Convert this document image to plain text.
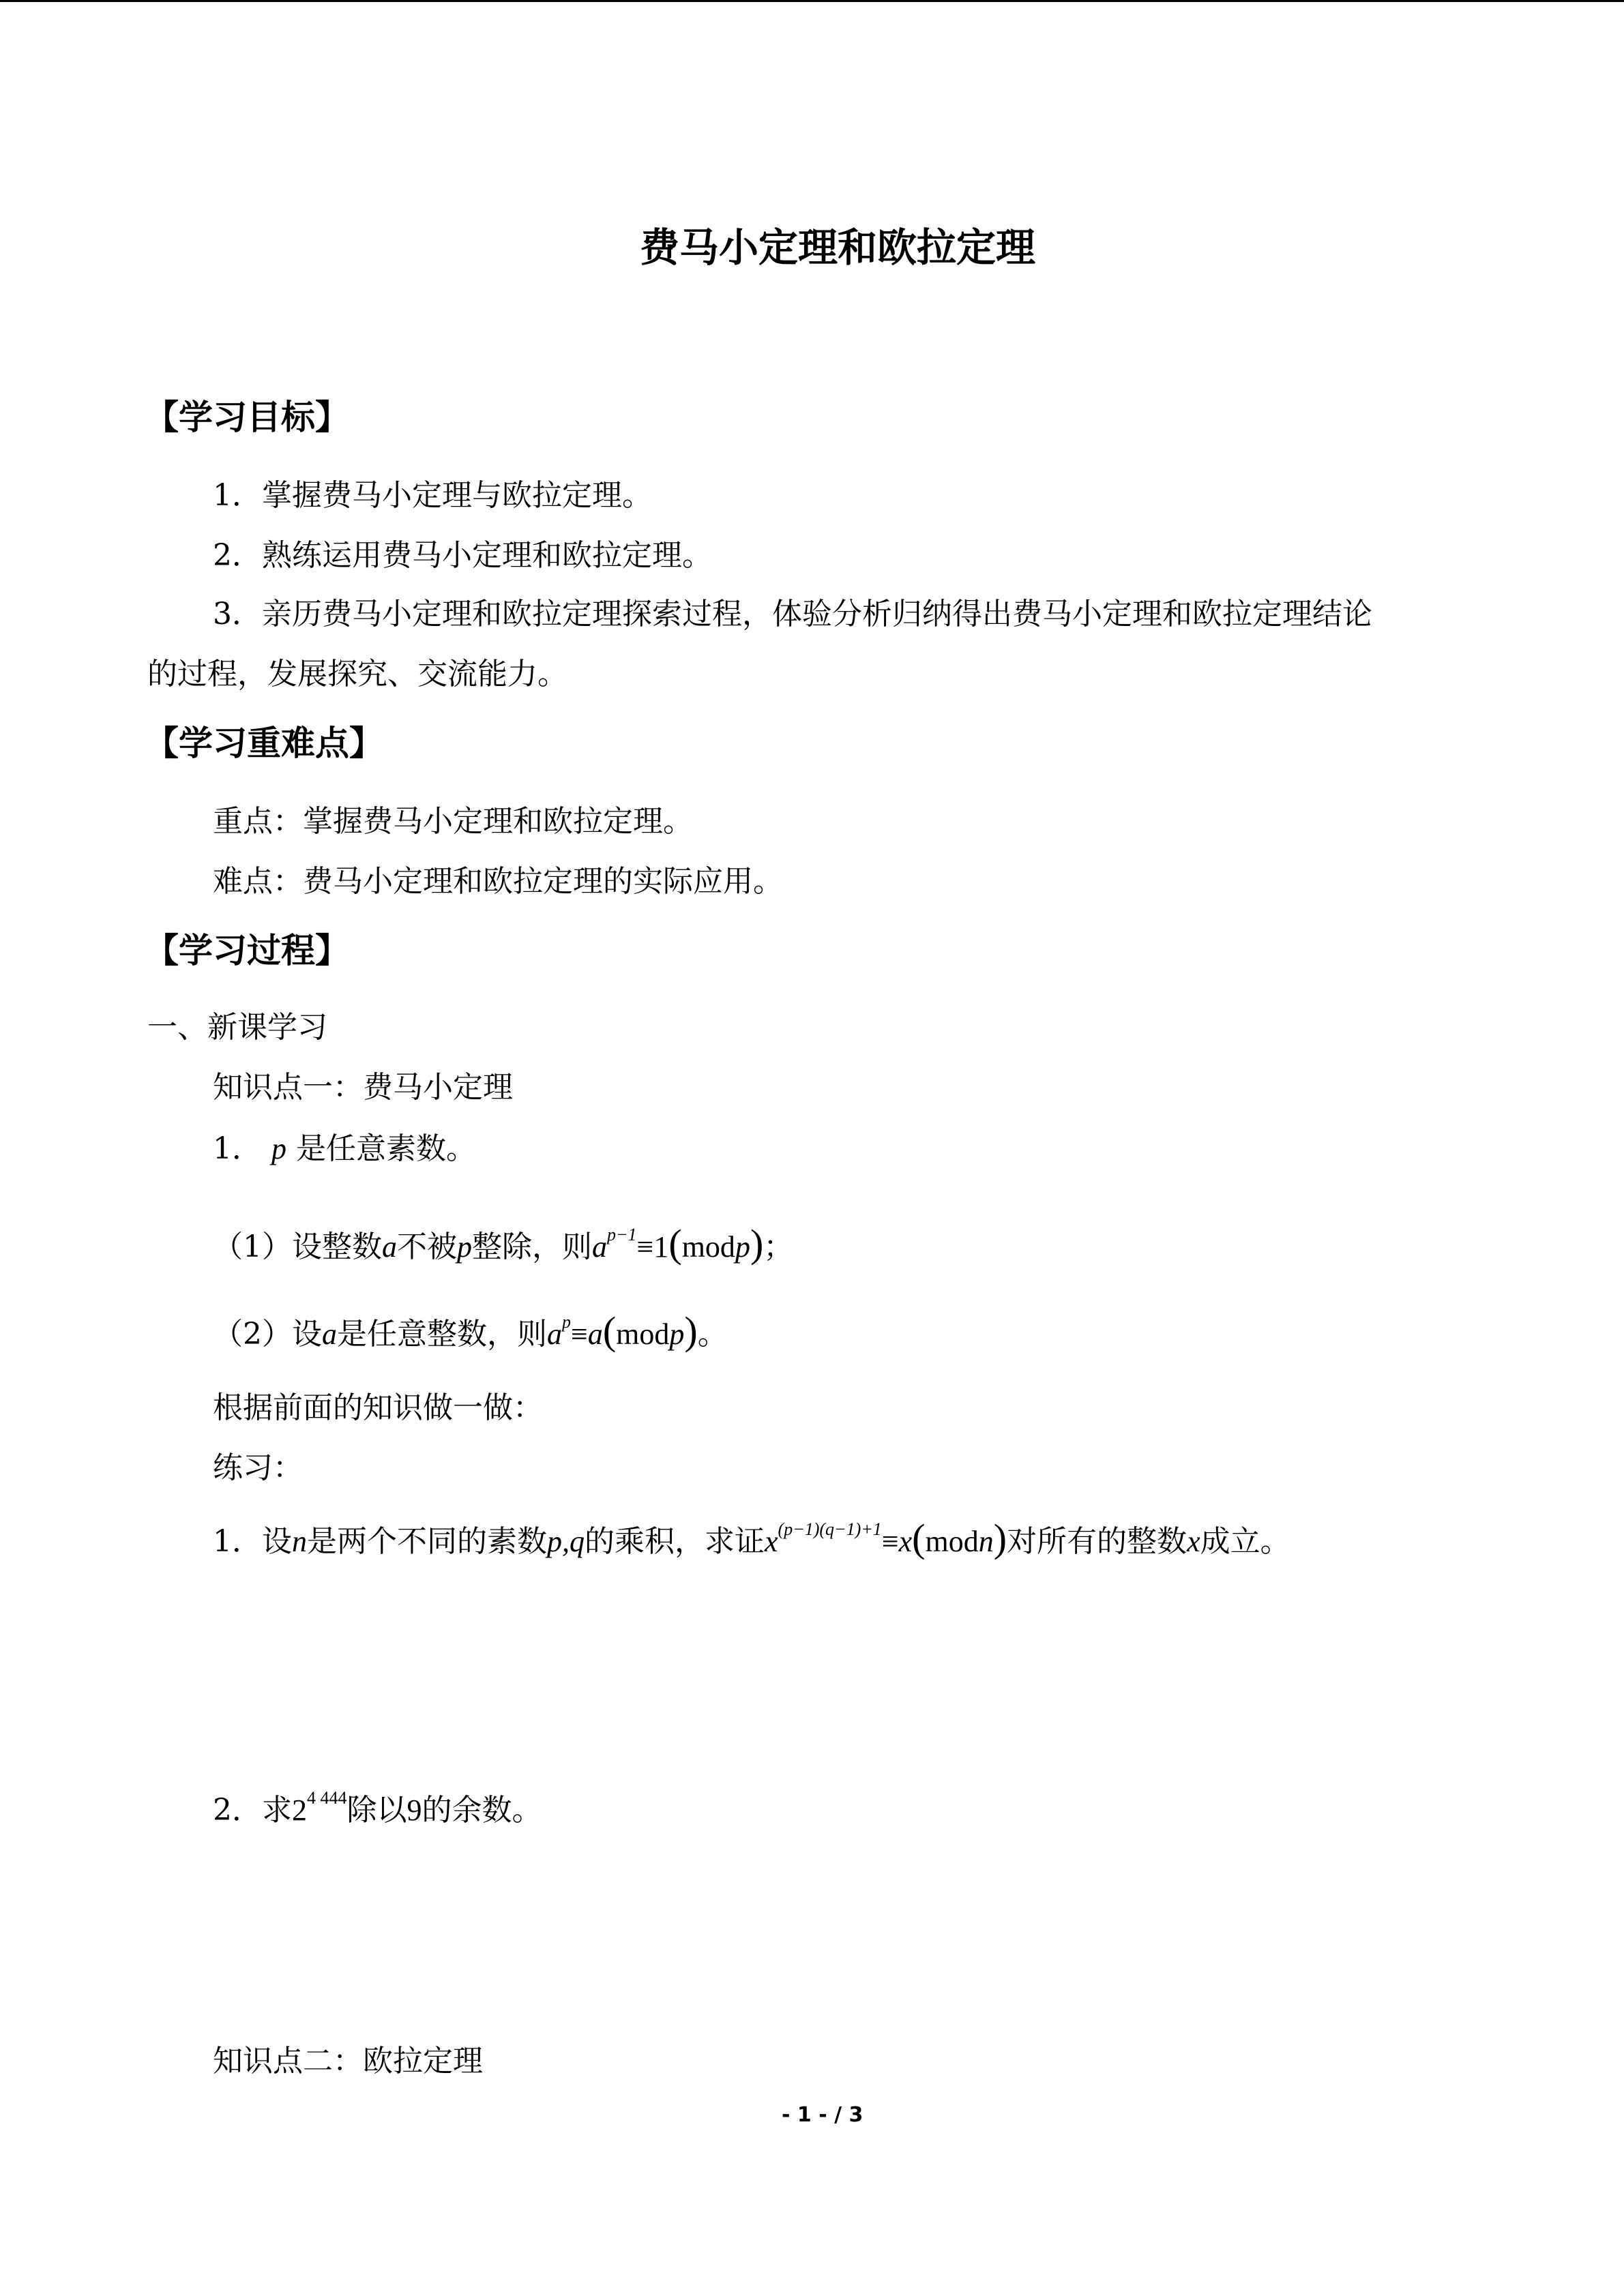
费马小定理和欧拉定理
【学习目标】
1．掌握费马小定理与欧拉定理。
2．熟练运用费马小定理和欧拉定理。
3．亲历费马小定理和欧拉定理探索过程，体验分析归纳得出费马小定理和欧拉定理结论
的过程，发展探究、交流能力。
【学习重难点】
重点：掌握费马小定理和欧拉定理。
难点：费马小定理和欧拉定理的实际应用。
【学习过程】
一、新课学习
知识点一：费马小定理
1． p 是任意素数。
（1）设整数a不被p整除，则$a^{p-1}\equiv 1(modp)$；
（2）设a是任意整数，则$a^p\equiv a(modp)$。
根据前面的知识做一做：
练习：
1．设n是两个不同的素数p,q的乘积，求证$x^{(p-1)(q-1)+1}\equiv x(modn)$对所有的整数x成立。
2．求$2^{4 444}$除以9的余数。
知识点二：欧拉定理
- 1 - / 3
